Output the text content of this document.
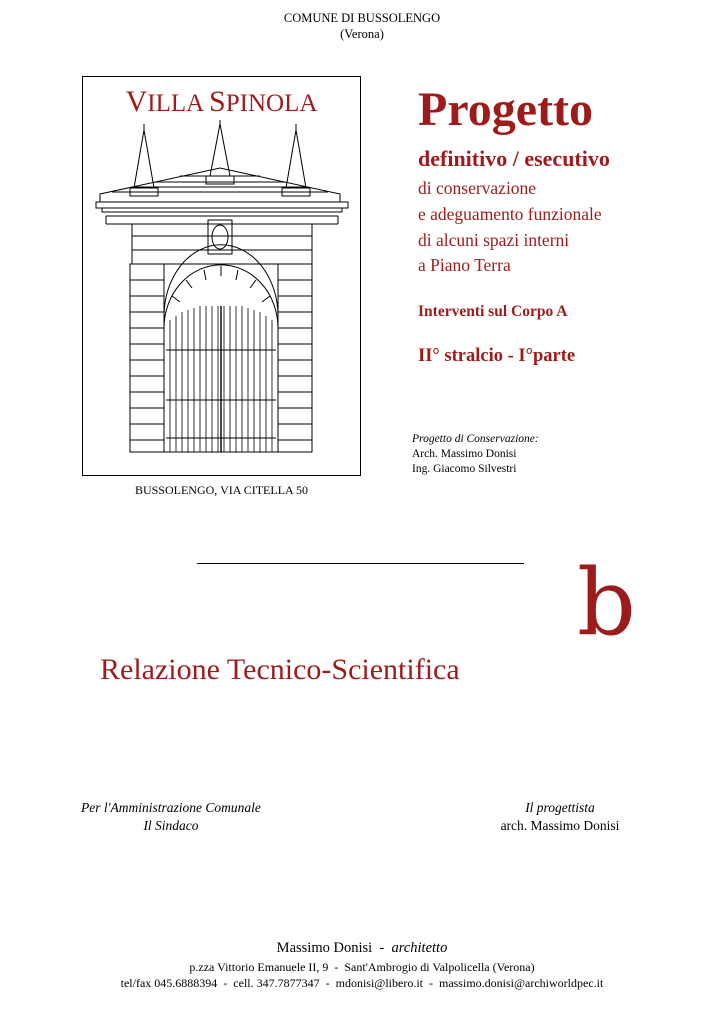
COMUNE DI BUSSOLENGO
(Verona)
VILLA SPINOLA
BUSSOLENGO, VIA CITELLA 50
Progetto
definitivo / esecutivo
di conservazione
e adeguamento funzionale
di alcuni spazi interni
a Piano Terra
Interventi sul Corpo A
II° stralcio - I°parte
Progetto di Conservazione:
Arch. Massimo Donisi
Ing. Giacomo Silvestri
b
Relazione Tecnico-Scientifica
Per l'Amministrazione Comunale
Il Sindaco
Il progettista
arch. Massimo Donisi
Massimo Donisi  -  architetto
p.zza Vittorio Emanuele II, 9  -  Sant'Ambrogio di Valpolicella (Verona)
tel/fax 045.6888394  -  cell. 347.7877347  -  mdonisi@libero.it  -  massimo.donisi@archiworldpec.it
